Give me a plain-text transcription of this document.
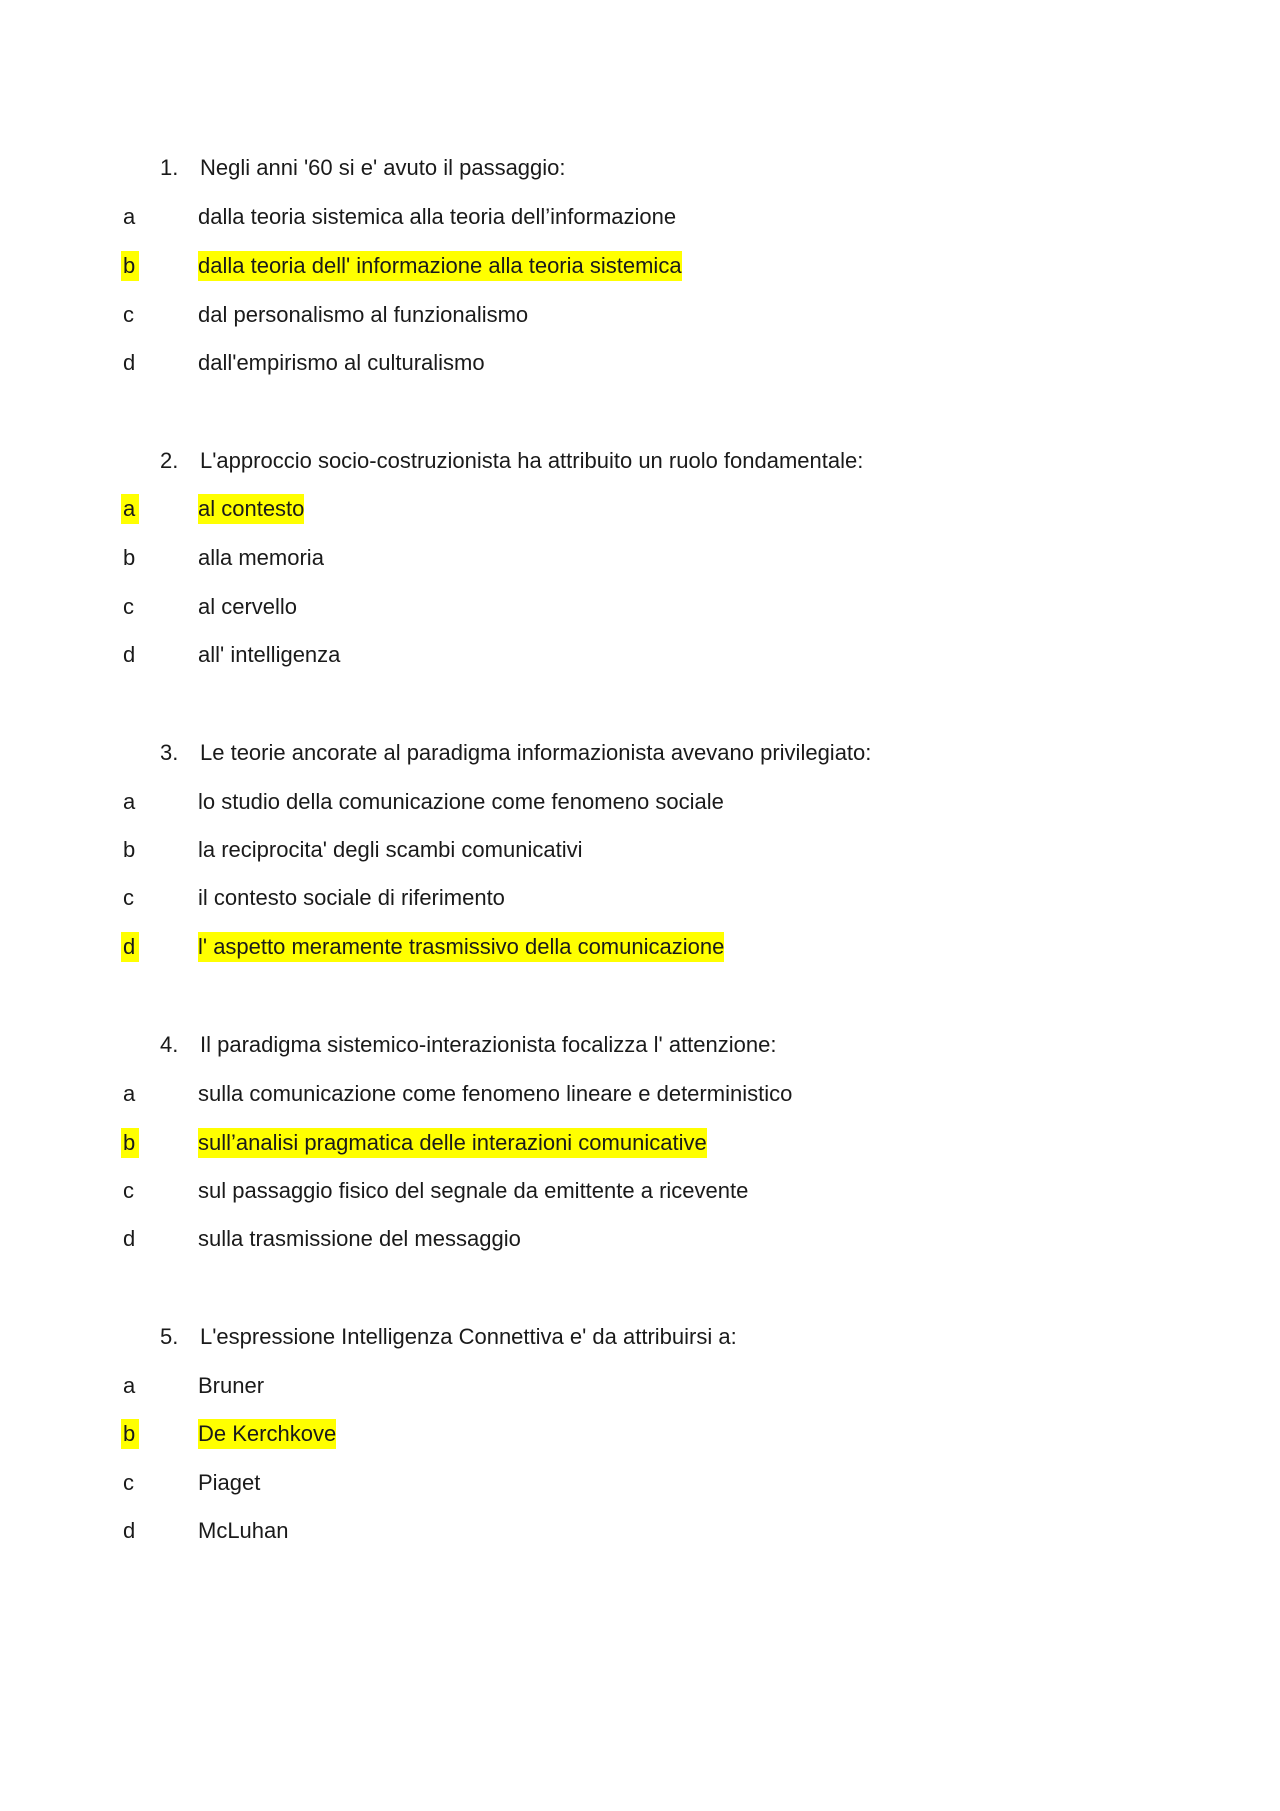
1. Negli anni '60 si e' avuto il passaggio:
a	dalla teoria sistemica alla teoria dell’informazione
b	dalla teoria dell' informazione alla teoria sistemica
c	dal personalismo al funzionalismo
d	dall'empirismo al culturalismo
2. L'approccio socio-costruzionista ha attribuito un ruolo fondamentale:
a	al contesto
b	alla memoria
c	al cervello
d	all' intelligenza
3. Le teorie ancorate al paradigma informazionista avevano privilegiato:
a	lo studio della comunicazione come fenomeno sociale
b	la reciprocita' degli scambi comunicativi
c	il contesto sociale di riferimento
d	l' aspetto meramente trasmissivo della comunicazione
4. Il paradigma sistemico-interazionista focalizza l' attenzione:
a	sulla comunicazione come fenomeno lineare e deterministico
b	sull’analisi pragmatica delle interazioni comunicative
c	sul passaggio fisico del segnale da emittente a ricevente
d	sulla trasmissione del messaggio
5. L'espressione Intelligenza Connettiva e' da attribuirsi a:
a	Bruner
b	De Kerchkove
c	Piaget
d	McLuhan
